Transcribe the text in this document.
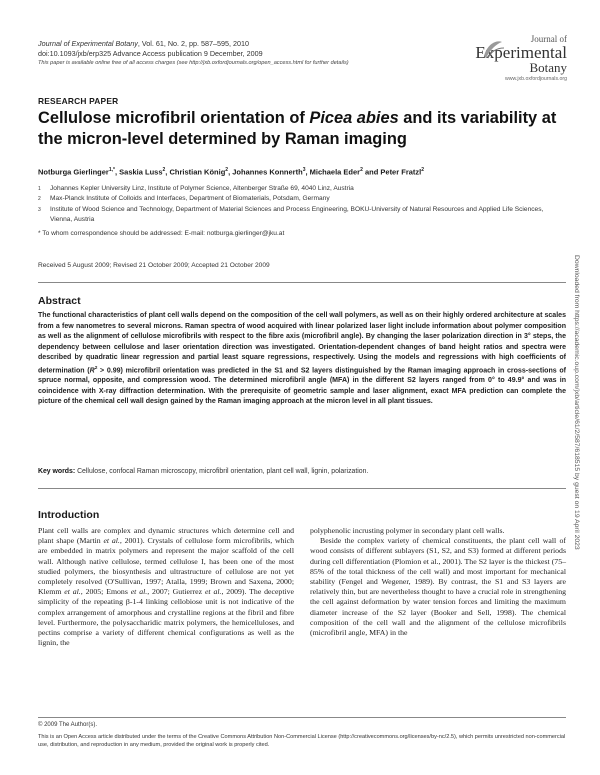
Journal of Experimental Botany, Vol. 61, No. 2, pp. 587–595, 2010
doi:10.1093/jxb/erp325 Advance Access publication 9 December, 2009
This paper is available online free of all access charges (see http://jxb.oxfordjournals.org/open_access.html for further details)
Journal of
Experimental
Botany
www.jxb.oxfordjournals.org
RESEARCH PAPER
Cellulose microfibril orientation of Picea abies and its variability at the micron-level determined by Raman imaging
Notburga Gierlinger$^{1,*}$, Saskia Luss$^2$, Christian König$^2$, Johannes Konnerth$^3$, Michaela Eder$^2$ and Peter Fratzl$^2$
1	Johannes Kepler University Linz, Institute of Polymer Science, Altenberger Straße 69, 4040 Linz, Austria
2	Max-Planck Institute of Colloids and Interfaces, Department of Biomaterials, Potsdam, Germany
3	Institute of Wood Science and Technology, Department of Material Sciences and Process Engineering, BOKU-University of Natural Resources and Applied Life Sciences, Vienna, Austria
* To whom correspondence should be addressed: E-mail: notburga.gierlinger@jku.at
Received 5 August 2009; Revised 21 October 2009; Accepted 21 October 2009
Abstract

The functional characteristics of plant cell walls depend on the composition of the cell wall polymers, as well as on their highly ordered architecture at scales from a few nanometres to several microns. Raman spectra of wood acquired with linear polarized laser light include information about polymer composition as well as the alignment of cellulose microfibrils with respect to the fibre axis (microfibril angle). By changing the laser polarization direction in 3° steps, the dependency between cellulose and laser orientation direction was investigated. Orientation-dependent changes of band height ratios and spectra were described by quadratic linear regression and partial least square regressions, respectively. Using the models and regressions with high coefficients of determination $(R^2 > 0.99)$ microfibril orientation was predicted in the S1 and S2 layers distinguished by the Raman imaging approach in cross-sections of spruce normal, opposite, and compression wood. The determined microfibril angle (MFA) in the different S2 layers ranged from 0° to 49.9° and was in coincidence with X-ray diffraction determination. With the prerequisite of geometric sample and laser alignment, exact MFA prediction can complete the picture of the chemical cell wall design gained by the Raman imaging approach at the micron level in all plant tissues.

Key words: Cellulose, confocal Raman microscopy, microfibril orientation, plant cell wall, lignin, polarization.
Introduction

Plant cell walls are complex and dynamic structures which determine cell and plant shape (Martin et al., 2001). Crystals of cellulose form microfibrils, which are embedded in matrix polymers and represent the major scaffold of the cell wall. Although native cellulose, termed cellulose I, has been one of the most studied polymers, the biosynthesis and ultrastructure of cellulose are not yet completely resolved (O'Sullivan, 1997; Atalla, 1999; Brown and Saxena, 2000; Klemm et al., 2005; Emons et al., 2007; Gutierrez et al., 2009). The deceptive simplicity of the repeating β-1-4 linking cellobiose unit is not indicative of the complex arrangement of amorphous and crystalline regions at the fibril and fibre level. Furthermore, the polysaccharidic matrix polymers, the hemicelluloses, and pectins comprise a variety of different chemical configurations as well as the lignin, the

polyphenolic incrusting polymer in secondary plant cell walls.

Beside the complex variety of chemical constituents, the plant cell wall of wood consists of different sublayers (S1, S2, and S3) formed at different periods during cell differentiation (Plomion et al., 2001). The S2 layer is the thickest (75–85% of the total thickness of the cell wall) and most important for mechanical stability (Fengel and Wegener, 1989). By contrast, the S1 and S3 layers are relatively thin, but are nevertheless thought to have a crucial role in strengthening the cell against deformation by water tension forces and limiting the maximum diameter increase of the S2 layer (Booker and Sell, 1998). The chemical composition of the cell wall and the alignment of the cellulose microfibrils (microfibril angle, MFA) in the

© 2009 The Author(s).
This is an Open Access article distributed under the terms of the Creative Commons Attribution Non-Commercial License (http://creativecommons.org/licenses/by-nc/2.5), which permits unrestricted non-commercial use, distribution, and reproduction in any medium, provided the original work is properly cited.
Downloaded from https://academic.oup.com/jxb/article/61/2/587/618515 by guest on 19 April 2023
